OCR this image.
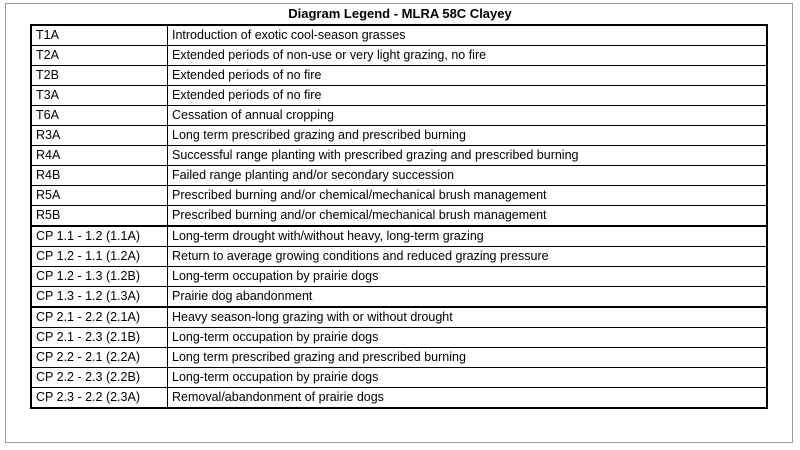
Diagram Legend - MLRA 58C Clayey
T1A	Introduction of exotic cool-season grasses
T2A	Extended periods of non-use or very light grazing, no fire
T2B	Extended periods of no fire
T3A	Extended periods of no fire
T6A	Cessation of annual cropping
R3A	Long term prescribed grazing and prescribed burning
R4A	Successful range planting with prescribed grazing and prescribed burning
R4B	Failed range planting and/or secondary succession
R5A	Prescribed burning and/or chemical/mechanical brush management
R5B	Prescribed burning and/or chemical/mechanical brush management
CP 1.1 - 1.2 (1.1A)	Long-term drought with/without heavy, long-term grazing
CP 1.2 - 1.1 (1.2A)	Return to average growing conditions and reduced grazing pressure
CP 1.2 - 1.3 (1.2B)	Long-term occupation by prairie dogs
CP 1.3 - 1.2 (1.3A)	Prairie dog abandonment
CP 2.1 - 2.2 (2.1A)	Heavy season-long grazing with or without drought
CP 2.1 - 2.3 (2.1B)	Long-term occupation by prairie dogs
CP 2.2 - 2.1 (2.2A)	Long term prescribed grazing and prescribed burning
CP 2.2 - 2.3 (2.2B)	Long-term occupation by prairie dogs
CP 2.3 - 2.2 (2.3A)	Removal/abandonment of prairie dogs
